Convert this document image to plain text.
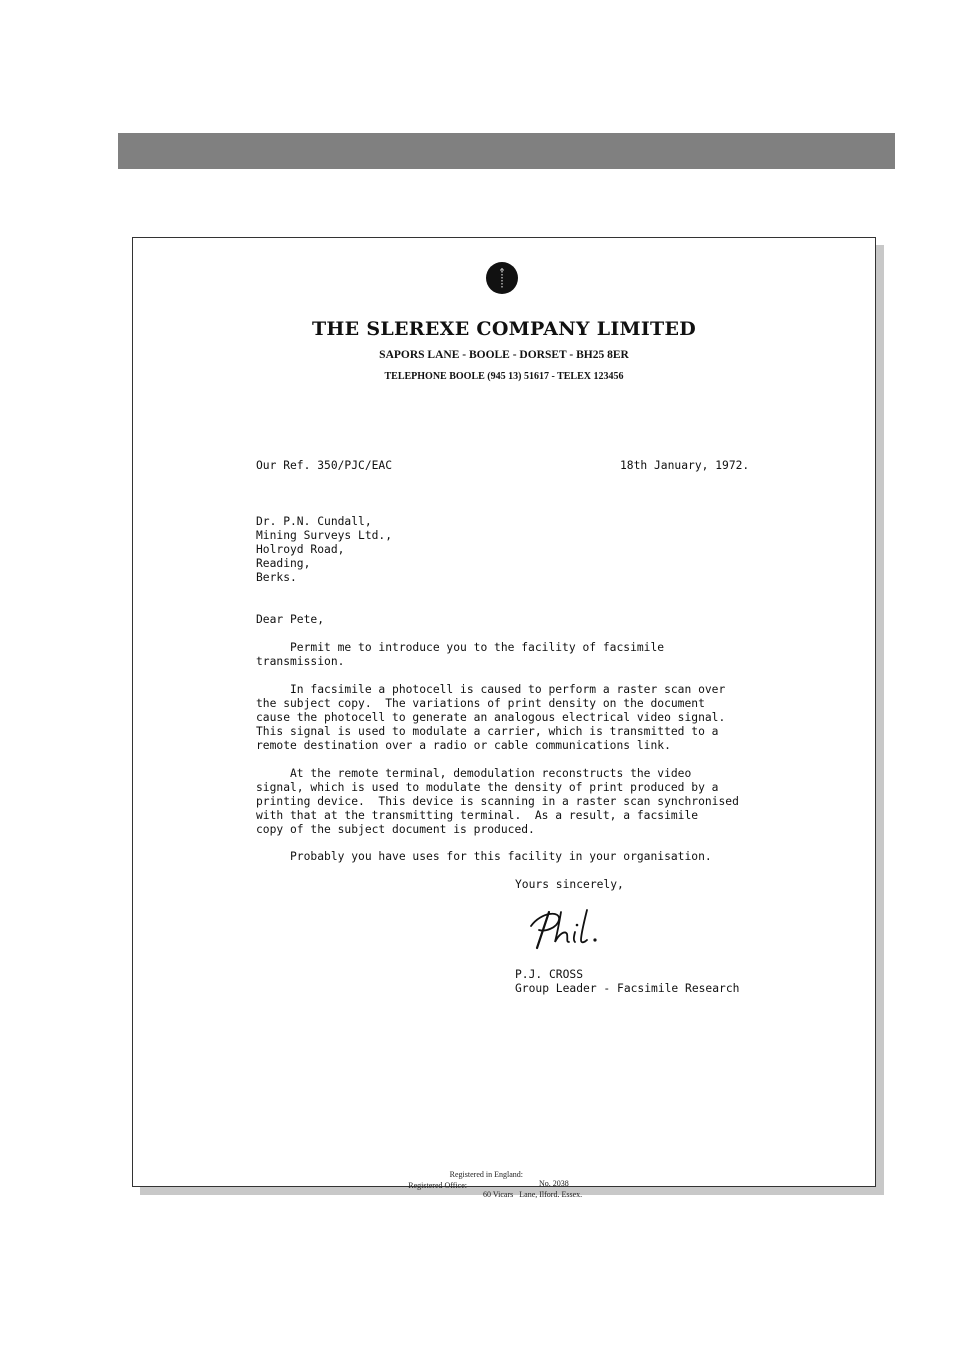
THE SLEREXE COMPANY LIMITED
SAPORS LANE - BOOLE - DORSET - BH25 8ER
TELEPHONE BOOLE (945 13) 51617 - TELEX 123456
Our Ref. 350/PJC/EAC	18th January, 1972.
Dr. P.N. Cundall,
Mining Surveys Ltd.,
Holroyd Road,
Reading,
Berks.
Dear Pete,
Permit me to introduce you to the facility of facsimile
transmission.
In facsimile a photocell is caused to perform a raster scan over
the subject copy.  The variations of print density on the document
cause the photocell to generate an analogous electrical video signal.
This signal is used to modulate a carrier, which is transmitted to a
remote destination over a radio or cable communications link.
At the remote terminal, demodulation reconstructs the video
signal, which is used to modulate the density of print produced by a
printing device.  This device is scanning in a raster scan synchronised
with that at the transmitting terminal.  As a result, a facsimile
copy of the subject document is produced.
Probably you have uses for this facility in your organisation.
Yours sincerely,
P.J. CROSS
Group Leader - Facsimile Research

Registered in England:

No. 2038

Registered Office:

60 Vicars   Lane, Ilford. Essex.
